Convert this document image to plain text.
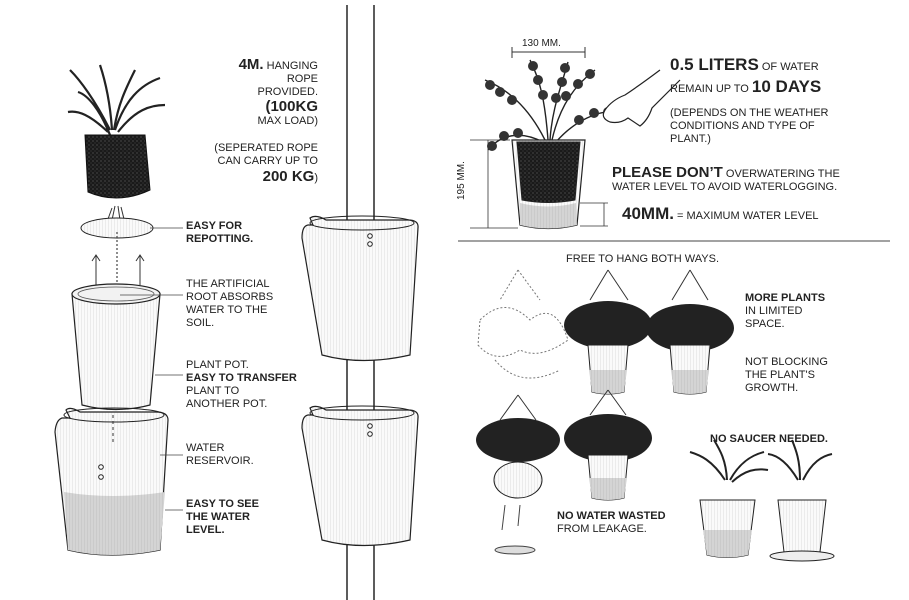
EASY FOR
REPOTTING.
THE ARTIFICIAL
ROOT ABSORBS
WATER TO THE
SOIL.
PLANT POT.
EASY TO TRANSFER
PLANT TO
ANOTHER POT.
WATER
RESERVOIR.
EASY TO SEE
THE WATER
LEVEL.
4M. HANGING
ROPE PROVIDED.
(100KG
MAX LOAD)
(SEPERATED ROPE
CAN CARRY UP TO
200 KG)
130 MM.
195 MM.
0.5 LITERS OF WATER
REMAIN UP TO 10 DAYS
(DEPENDS ON THE WEATHER
CONDITIONS AND TYPE OF
PLANT.)
PLEASE DON’T OVERWATERING THE
WATER LEVEL TO AVOID WATERLOGGING.
40MM. = MAXIMUM WATER LEVEL
FREE TO HANG BOTH WAYS.
MORE PLANTS
IN LIMITED
SPACE.
NOT BLOCKING
THE PLANT'S
GROWTH.
NO SAUCER NEEDED.
NO WATER WASTED
FROM LEAKAGE.
